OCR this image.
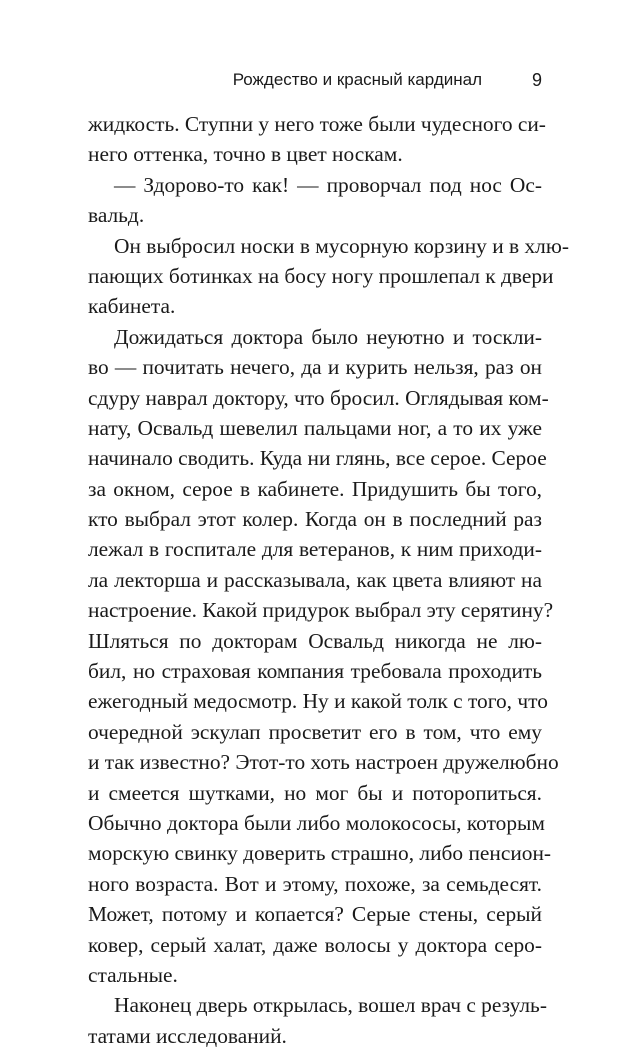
Рождество и красный кардинал	9
жидкость. Ступни у него тоже были чудесного си-
него оттенка, точно в цвет носкам.
— Здорово-то как! — проворчал под нос Ос-
вальд.
Он выбросил носки в мусорную корзину и в хлю-
пающих ботинках на босу ногу прошлепал к двери
кабинета.
Дожидаться доктора было неуютно и тоскли-
во — почитать нечего, да и курить нельзя, раз он
сдуру наврал доктору, что бросил. Оглядывая ком-
нату, Освальд шевелил пальцами ног, а то их уже
начинало сводить. Куда ни глянь, все серое. Серое
за окном, серое в кабинете. Придушить бы того,
кто выбрал этот колер. Когда он в последний раз
лежал в госпитале для ветеранов, к ним приходи-
ла лекторша и рассказывала, как цвета влияют на
настроение. Какой придурок выбрал эту серятину?
Шляться по докторам Освальд никогда не лю-
бил, но страховая компания требовала проходить
ежегодный медосмотр. Ну и какой толк с того, что
очередной эскулап просветит его в том, что ему
и так известно? Этот-то хоть настроен дружелюбно
и смеется шутками, но мог бы и поторопиться.
Обычно доктора были либо молокососы, которым
морскую свинку доверить страшно, либо пенсион-
ного возраста. Вот и этому, похоже, за семьдесят.
Может, потому и копается? Серые стены, серый
ковер, серый халат, даже волосы у доктора серо-
стальные.
Наконец дверь открылась, вошел врач с резуль-
татами исследований.
